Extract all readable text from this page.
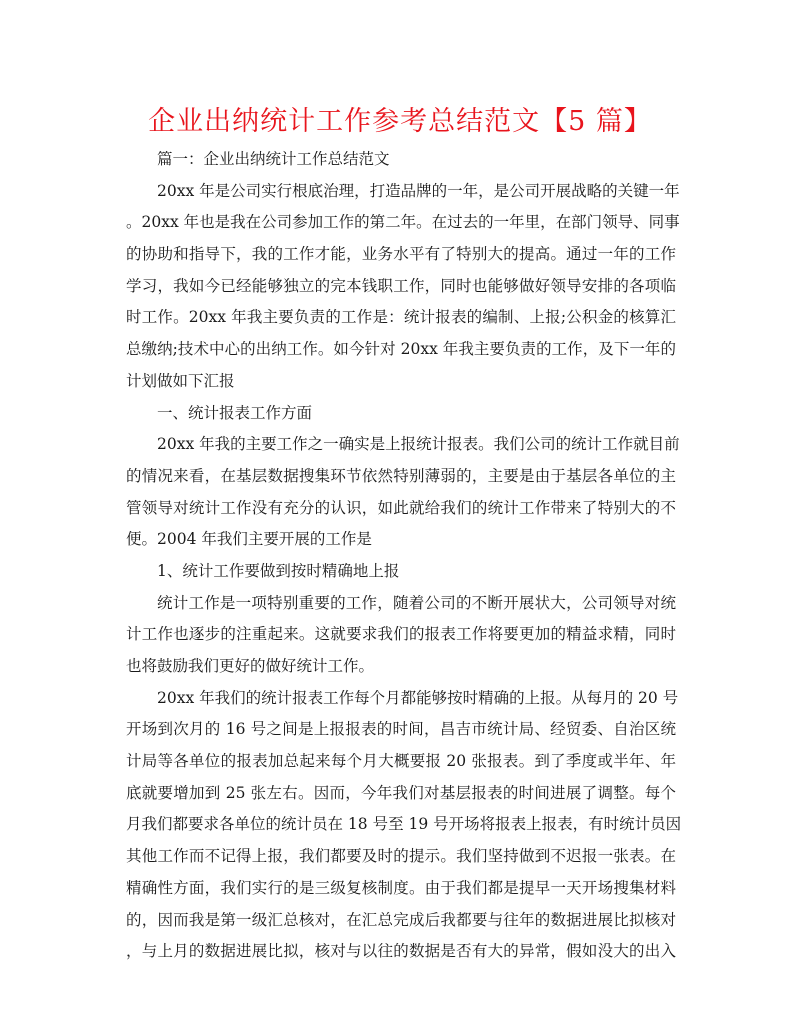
企业出纳统计工作参考总结范文【5 篇】
篇一：企业出纳统计工作总结范文
20xx 年是公司实行根底治理，打造品牌的一年，是公司开展战略的关键一年
。20xx 年也是我在公司参加工作的第二年。在过去的一年里，在部门领导、同事
的协助和指导下，我的工作才能，业务水平有了特别大的提高。通过一年的工作
学习，我如今已经能够独立的完本钱职工作，同时也能够做好领导安排的各项临
时工作。20xx 年我主要负责的工作是：统计报表的编制、上报;公积金的核算汇
总缴纳;技术中心的出纳工作。如今针对 20xx 年我主要负责的工作，及下一年的
计划做如下汇报
一、统计报表工作方面
20xx 年我的主要工作之一确实是上报统计报表。我们公司的统计工作就目前
的情况来看，在基层数据搜集环节依然特别薄弱的，主要是由于基层各单位的主
管领导对统计工作没有充分的认识，如此就给我们的统计工作带来了特别大的不
便。2004 年我们主要开展的工作是
1、统计工作要做到按时精确地上报
统计工作是一项特别重要的工作，随着公司的不断开展状大，公司领导对统
计工作也逐步的注重起来。这就要求我们的报表工作将要更加的精益求精，同时
也将鼓励我们更好的做好统计工作。
20xx 年我们的统计报表工作每个月都能够按时精确的上报。从每月的 20 号
开场到次月的 16 号之间是上报报表的时间，昌吉市统计局、经贸委、自治区统
计局等各单位的报表加总起来每个月大概要报 20 张报表。到了季度或半年、年
底就要增加到 25 张左右。因而，今年我们对基层报表的时间进展了调整。每个
月我们都要求各单位的统计员在 18 号至 19 号开场将报表上报表，有时统计员因
其他工作而不记得上报，我们都要及时的提示。我们坚持做到不迟报一张表。在
精确性方面，我们实行的是三级复核制度。由于我们都是提早一天开场搜集材料
的，因而我是第一级汇总核对，在汇总完成后我都要与往年的数据进展比拟核对
，与上月的数据进展比拟，核对与以往的数据是否有大的异常，假如没大的出入
